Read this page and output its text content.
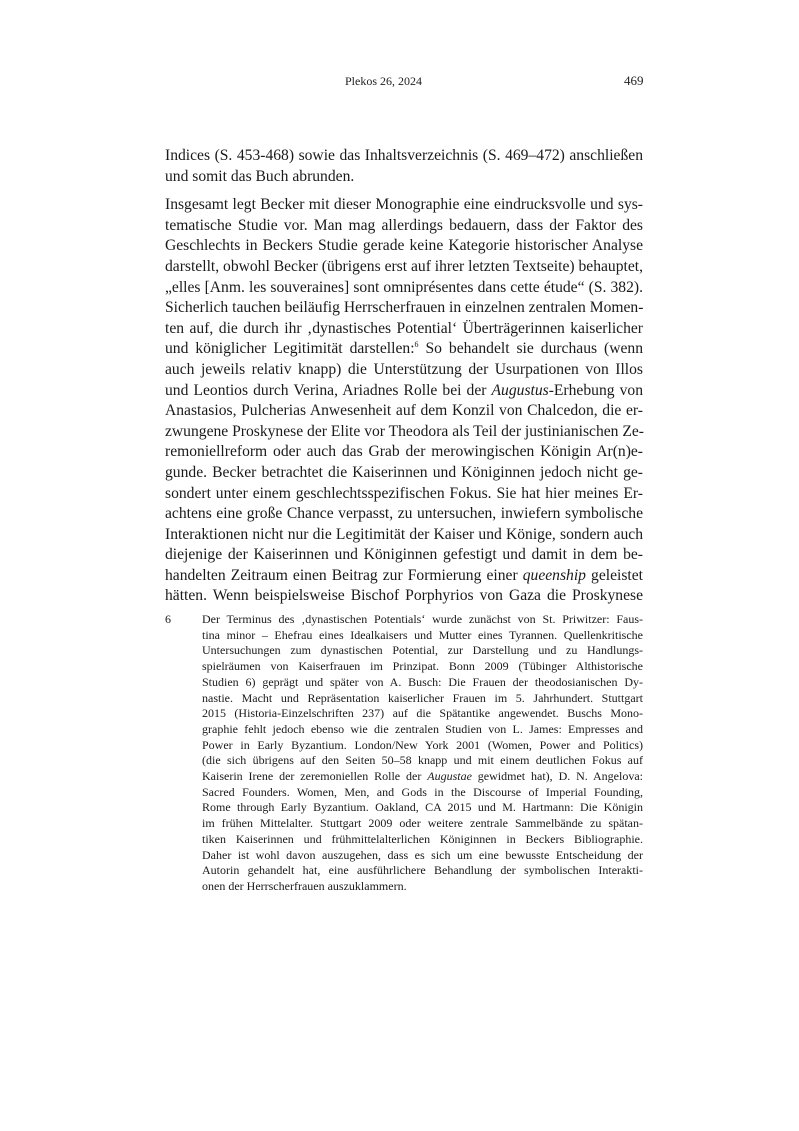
Plekos 26, 2024	469

Indices (S. 453-468) sowie das Inhaltsverzeichnis (S. 469–472) anschließen
und somit das Buch abrunden.

Insgesamt legt Becker mit dieser Monographie eine eindrucksvolle und sys-
tematische Studie vor. Man mag allerdings bedauern, dass der Faktor des
Geschlechts in Beckers Studie gerade keine Kategorie historischer Analyse
darstellt, obwohl Becker (übrigens erst auf ihrer letzten Textseite) behauptet,
„elles [Anm. les souveraines] sont omniprésentes dans cette étude“ (S. 382).
Sicherlich tauchen beiläufig Herrscherfrauen in einzelnen zentralen Momen-
ten auf, die durch ihr ‚dynastisches Potential‘ Überträgerinnen kaiserlicher
und königlicher Legitimität darstellen:$^6$ So behandelt sie durchaus (wenn
auch jeweils relativ knapp) die Unterstützung der Usurpationen von Illos
und Leontios durch Verina, Ariadnes Rolle bei der Augustus-Erhebung von
Anastasios, Pulcherias Anwesenheit auf dem Konzil von Chalcedon, die er-
zwungene Proskynese der Elite vor Theodora als Teil der justinianischen Ze-
remoniellreform oder auch das Grab der merowingischen Königin Ar(n)e-
gunde. Becker betrachtet die Kaiserinnen und Königinnen jedoch nicht ge-
sondert unter einem geschlechtsspezifischen Fokus. Sie hat hier meines Er-
achtens eine große Chance verpasst, zu untersuchen, inwiefern symbolische
Interaktionen nicht nur die Legitimität der Kaiser und Könige, sondern auch
diejenige der Kaiserinnen und Königinnen gefestigt und damit in dem be-
handelten Zeitraum einen Beitrag zur Formierung einer queenship geleistet
hätten. Wenn beispielsweise Bischof Porphyrios von Gaza die Proskynese

6	Der Terminus des ‚dynastischen Potentials‘ wurde zunächst von St. Priwitzer: Faus-
tina minor – Ehefrau eines Idealkaisers und Mutter eines Tyrannen. Quellenkritische
Untersuchungen zum dynastischen Potential, zur Darstellung und zu Handlungs-
spielräumen von Kaiserfrauen im Prinzipat. Bonn 2009 (Tübinger Althistorische
Studien 6) geprägt und später von A. Busch: Die Frauen der theodosianischen Dy-
nastie. Macht und Repräsentation kaiserlicher Frauen im 5. Jahrhundert. Stuttgart
2015 (Historia-Einzelschriften 237) auf die Spätantike angewendet. Buschs Mono-
graphie fehlt jedoch ebenso wie die zentralen Studien von L. James: Empresses and
Power in Early Byzantium. London/New York 2001 (Women, Power and Politics)
(die sich übrigens auf den Seiten 50–58 knapp und mit einem deutlichen Fokus auf
Kaiserin Irene der zeremoniellen Rolle der Augustae gewidmet hat), D. N. Angelova:
Sacred Founders. Women, Men, and Gods in the Discourse of Imperial Founding,
Rome through Early Byzantium. Oakland, CA 2015 und M. Hartmann: Die Königin
im frühen Mittelalter. Stuttgart 2009 oder weitere zentrale Sammelbände zu spätan-
tiken Kaiserinnen und frühmittelalterlichen Königinnen in Beckers Bibliographie.
Daher ist wohl davon auszugehen, dass es sich um eine bewusste Entscheidung der
Autorin gehandelt hat, eine ausführlichere Behandlung der symbolischen Interakti-
onen der Herrscherfrauen auszuklammern.
